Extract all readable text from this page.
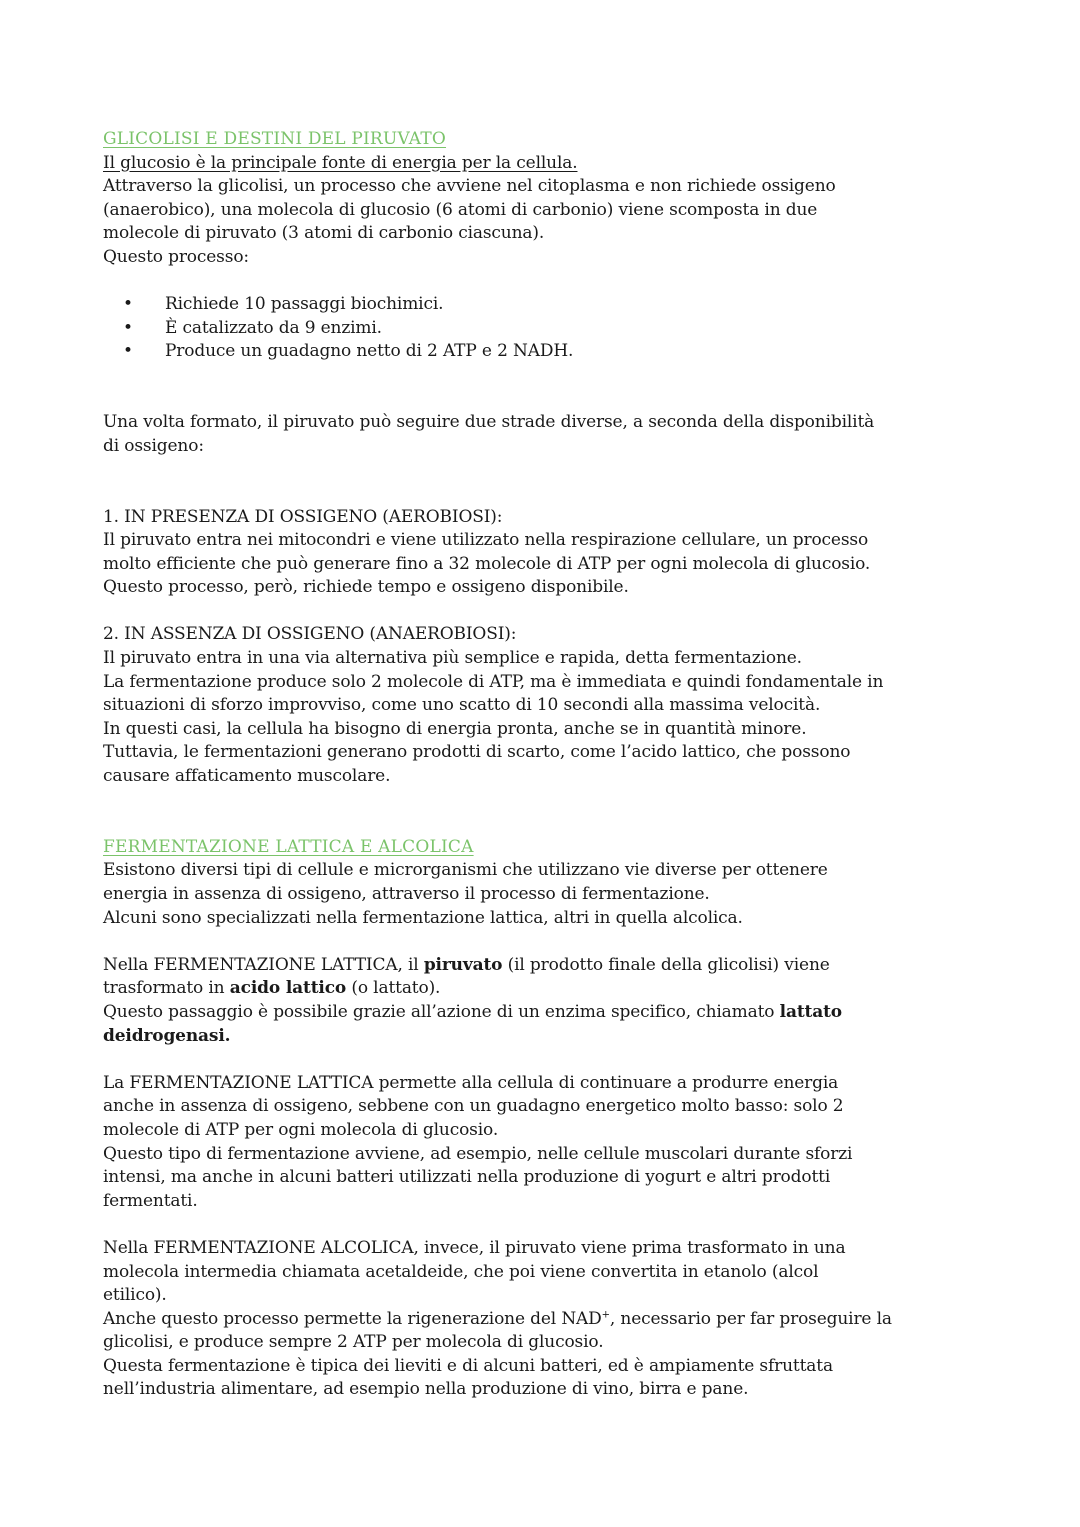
GLICOLISI E DESTINI DEL PIRUVATO
Il glucosio è la principale fonte di energia per la cellula.
Attraverso la glicolisi, un processo che avviene nel citoplasma e non richiede ossigeno
(anaerobico), una molecola di glucosio (6 atomi di carbonio) viene scomposta in due
molecole di piruvato (3 atomi di carbonio ciascuna).
Questo processo:
• Richiede 10 passaggi biochimici.
• È catalizzato da 9 enzimi.
• Produce un guadagno netto di 2 ATP e 2 NADH.
Una volta formato, il piruvato può seguire due strade diverse, a seconda della disponibilità
di ossigeno:
1. IN PRESENZA DI OSSIGENO (AEROBIOSI):
Il piruvato entra nei mitocondri e viene utilizzato nella respirazione cellulare, un processo
molto efficiente che può generare fino a 32 molecole di ATP per ogni molecola di glucosio.
Questo processo, però, richiede tempo e ossigeno disponibile.
2. IN ASSENZA DI OSSIGENO (ANAEROBIOSI):
Il piruvato entra in una via alternativa più semplice e rapida, detta fermentazione.
La fermentazione produce solo 2 molecole di ATP, ma è immediata e quindi fondamentale in
situazioni di sforzo improvviso, come uno scatto di 10 secondi alla massima velocità.
In questi casi, la cellula ha bisogno di energia pronta, anche se in quantità minore.
Tuttavia, le fermentazioni generano prodotti di scarto, come l’acido lattico, che possono
causare affaticamento muscolare.
FERMENTAZIONE LATTICA E ALCOLICA
Esistono diversi tipi di cellule e microrganismi che utilizzano vie diverse per ottenere
energia in assenza di ossigeno, attraverso il processo di fermentazione.
Alcuni sono specializzati nella fermentazione lattica, altri in quella alcolica.
Nella FERMENTAZIONE LATTICA, il piruvato (il prodotto finale della glicolisi) viene
trasformato in acido lattico (o lattato).
Questo passaggio è possibile grazie all’azione di un enzima specifico, chiamato lattato
deidrogenasi.
La FERMENTAZIONE LATTICA permette alla cellula di continuare a produrre energia
anche in assenza di ossigeno, sebbene con un guadagno energetico molto basso: solo 2
molecole di ATP per ogni molecola di glucosio.
Questo tipo di fermentazione avviene, ad esempio, nelle cellule muscolari durante sforzi
intensi, ma anche in alcuni batteri utilizzati nella produzione di yogurt e altri prodotti
fermentati.
Nella FERMENTAZIONE ALCOLICA, invece, il piruvato viene prima trasformato in una
molecola intermedia chiamata acetaldeide, che poi viene convertita in etanolo (alcol
etilico).
Anche questo processo permette la rigenerazione del NAD+, necessario per far proseguire la
glicolisi, e produce sempre 2 ATP per molecola di glucosio.
Questa fermentazione è tipica dei lieviti e di alcuni batteri, ed è ampiamente sfruttata
nell’industria alimentare, ad esempio nella produzione di vino, birra e pane.
